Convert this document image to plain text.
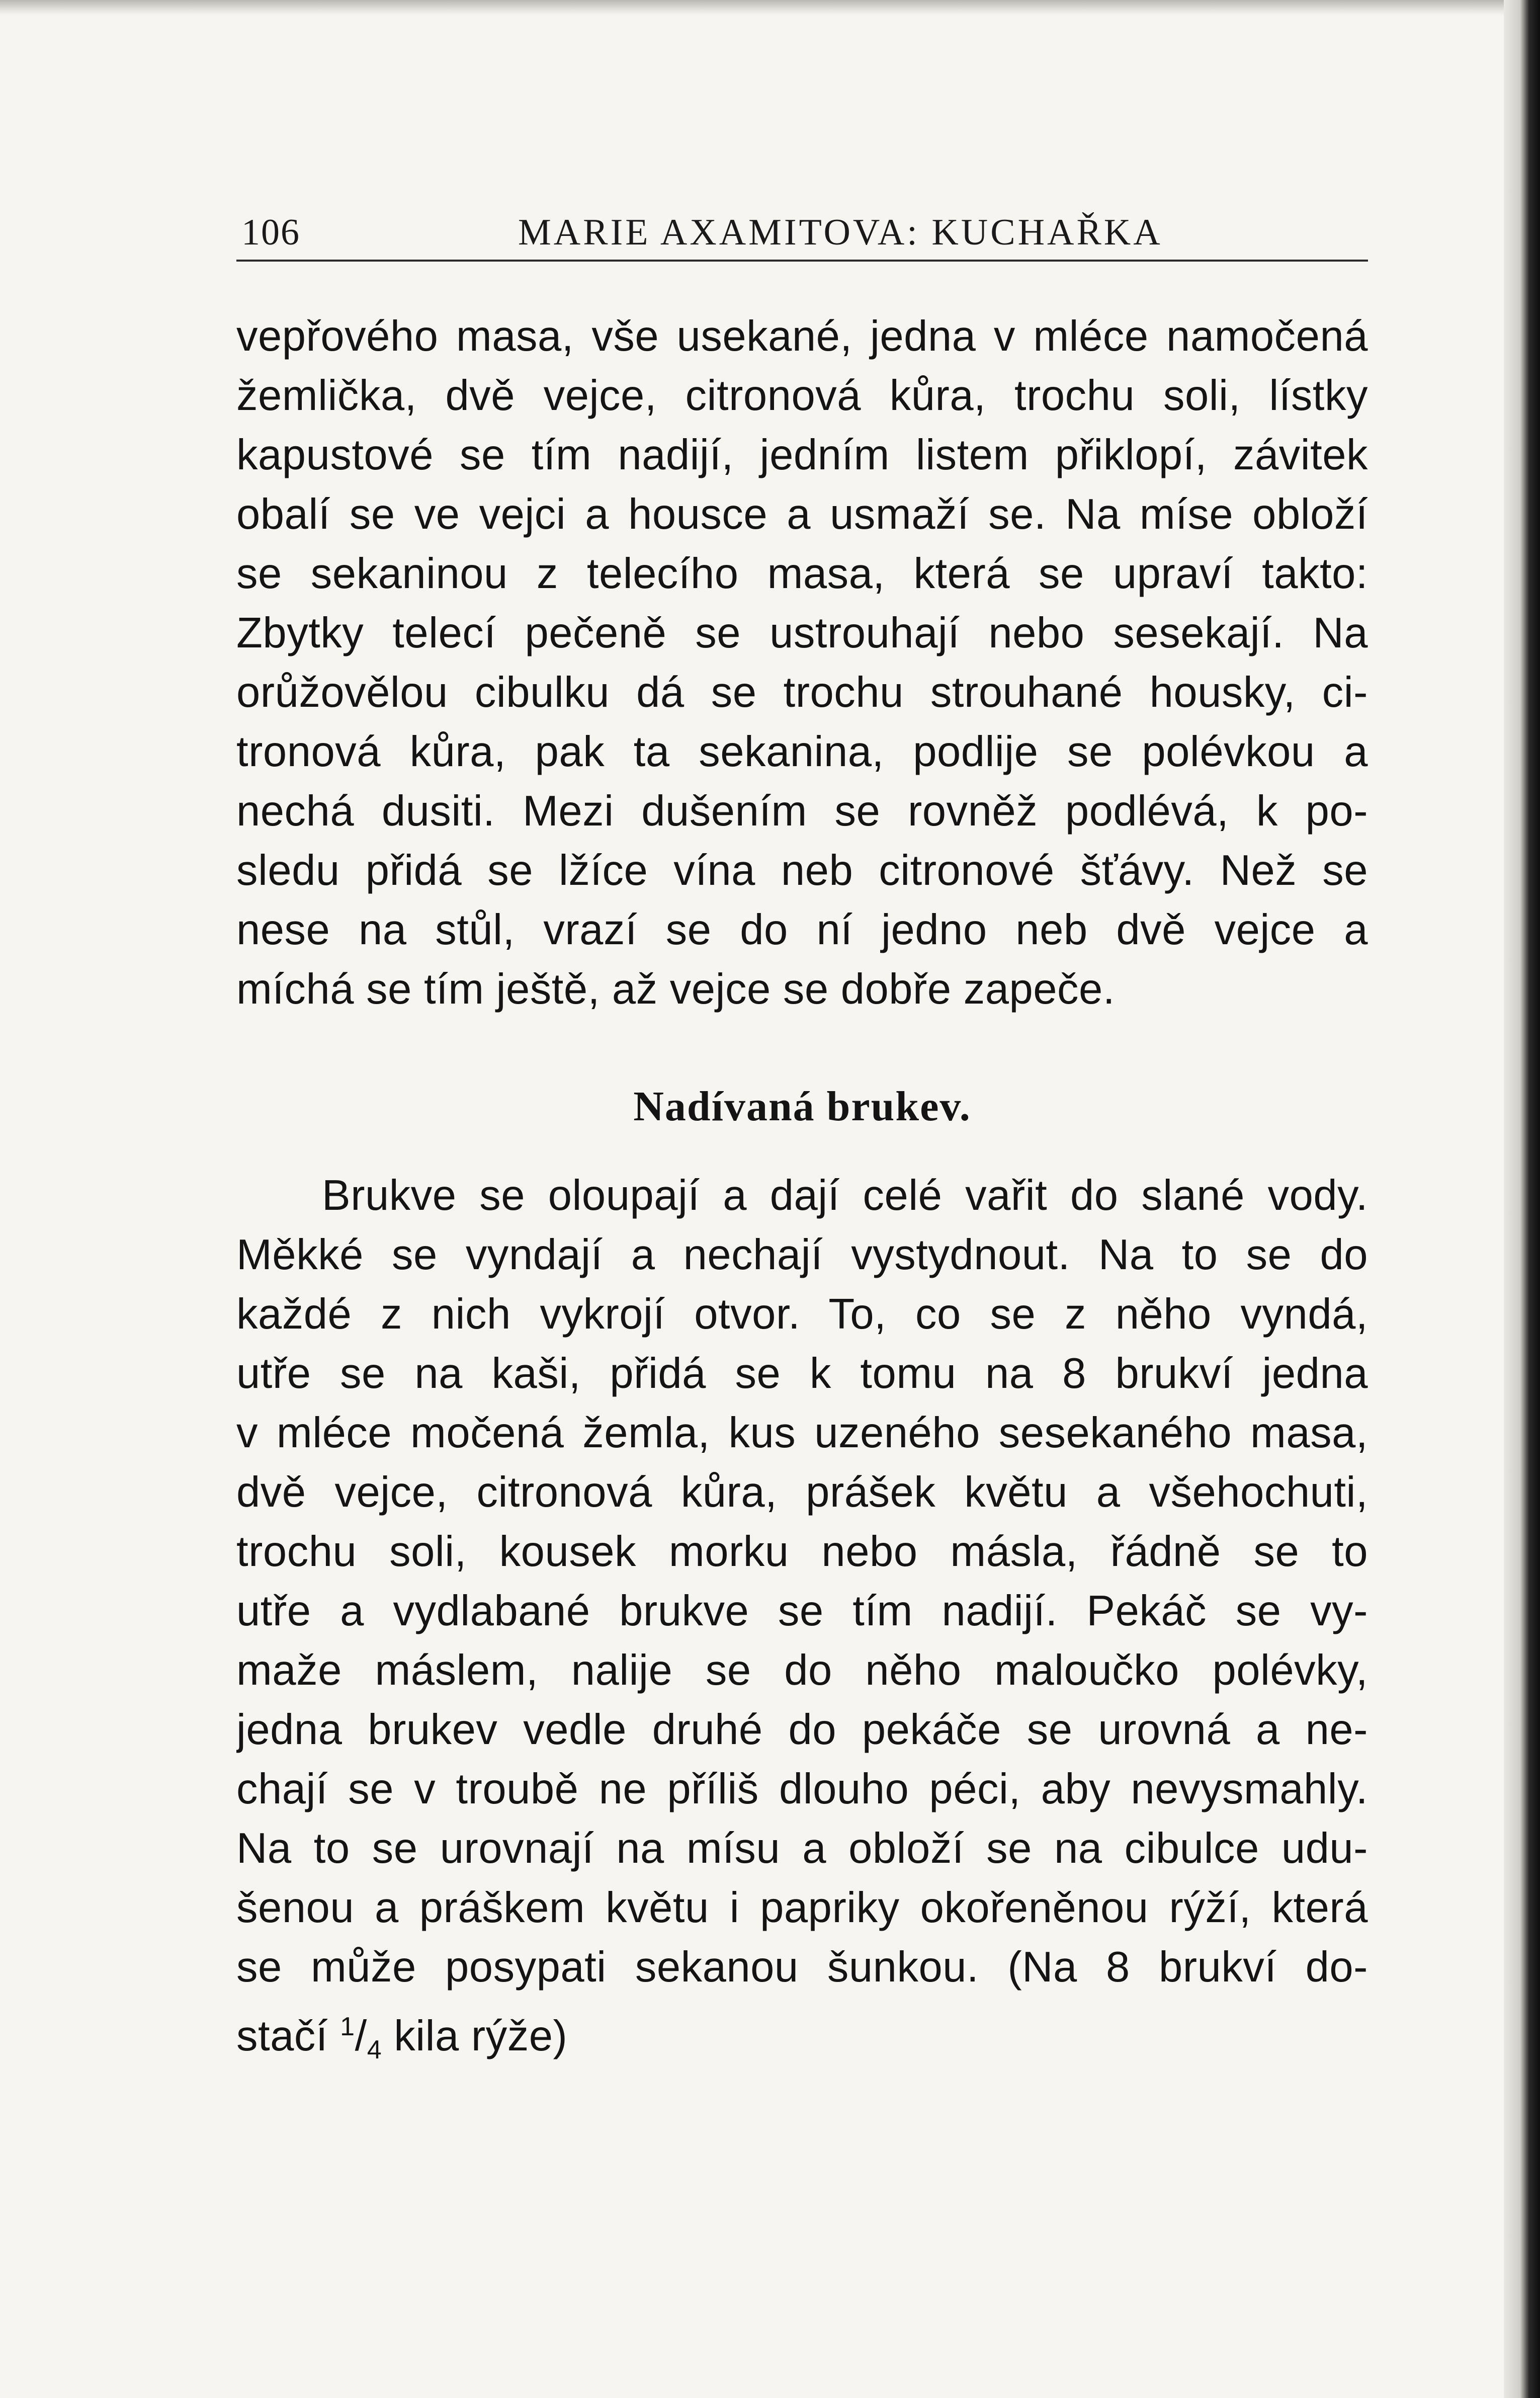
106	MARIE AXAMITOVA: KUCHAŘKA
vepřového masa, vše usekané, jedna v mléce namočená
žemlička, dvě vejce, citronová kůra, trochu soli, lístky
kapustové se tím nadijí, jedním listem přiklopí, závitek
obalí se ve vejci a housce a usmaží se. Na míse obloží
se sekaninou z telecího masa, která se upraví takto:
Zbytky telecí pečeně se ustrouhají nebo sesekají. Na
orůžovělou cibulku dá se trochu strouhané housky, ci-
tronová kůra, pak ta sekanina, podlije se polévkou a
nechá dusiti. Mezi dušením se rovněž podlévá, k po-
sledu přidá se lžíce vína neb citronové šťávy. Než se
nese na stůl, vrazí se do ní jedno neb dvě vejce a
míchá se tím ještě, až vejce se dobře zapeče.
Nadívaná brukev.
Brukve se oloupají a dají celé vařit do slané vody.
Měkké se vyndají a nechají vystydnout. Na to se do
každé z nich vykrojí otvor. To, co se z něho vyndá,
utře se na kaši, přidá se k tomu na 8 brukví jedna
v mléce močená žemla, kus uzeného sesekaného masa,
dvě vejce, citronová kůra, prášek květu a všehochuti,
trochu soli, kousek morku nebo másla, řádně se to
utře a vydlabané brukve se tím nadijí. Pekáč se vy-
maže máslem, nalije se do něho maloučko polévky,
jedna brukev vedle druhé do pekáče se urovná a ne-
chají se v troubě ne příliš dlouho péci, aby nevysmahly.
Na to se urovnají na mísu a obloží se na cibulce udu-
šenou a práškem květu i papriky okořeněnou rýží, která
se může posypati sekanou šunkou. (Na 8 brukví do-
stačí $^1/_4$ kila rýže)
